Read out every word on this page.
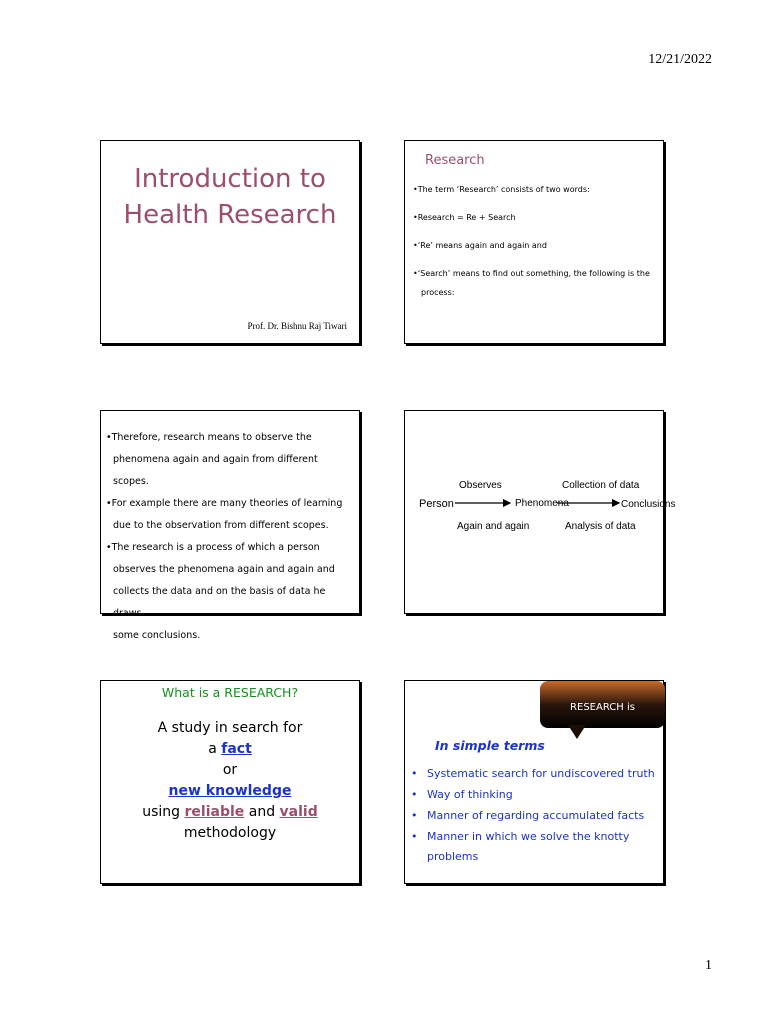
12/21/2022
Introduction to
Health Research
Prof. Dr. Bishnu Raj Tiwari
Research
•The term ‘Research’ consists of two words:
•Research = Re + Search
•‘Re’ means again and again and
•‘Search’ means to find out something, the following is the
process:
•Therefore, research means to observe the
phenomena again and again from different scopes.
•For example there are many theories of learning
due to the observation from different scopes.
•The research is a process of which a person
observes the phenomena again and again and
collects the data and on the basis of data he draws
some conclusions.
Person
Observes
Again and again
Phenomena
Collection of data
Analysis of data
Conclusions
What is a RESEARCH?
A study in search for
a fact
or
new knowledge
using reliable and valid methodology
RESEARCH is
In simple terms
• Systematic search for undiscovered truth
• Way of thinking
• Manner of regarding accumulated facts
• Manner in which we solve the knotty
problems
1
